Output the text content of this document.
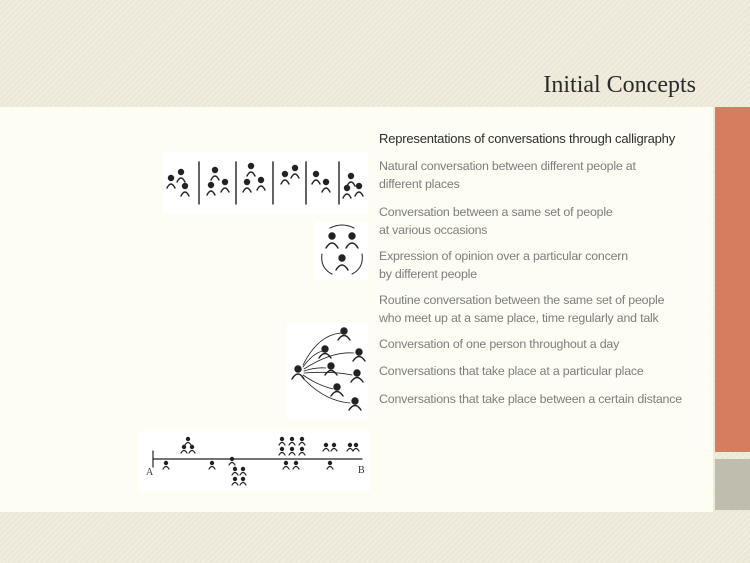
Initial Concepts
Representations of conversations through calligraphy
Natural conversation between different people at
different places
Conversation between a same set of people
at various occasions
Expression of opinion over a particular concern
by different people
Routine conversation between the same set of people
who meet up at a same place, time regularly and talk
Conversation of one person throughout a day
Conversations that take place at a particular place
Conversations that take place between a certain distance
A	B
